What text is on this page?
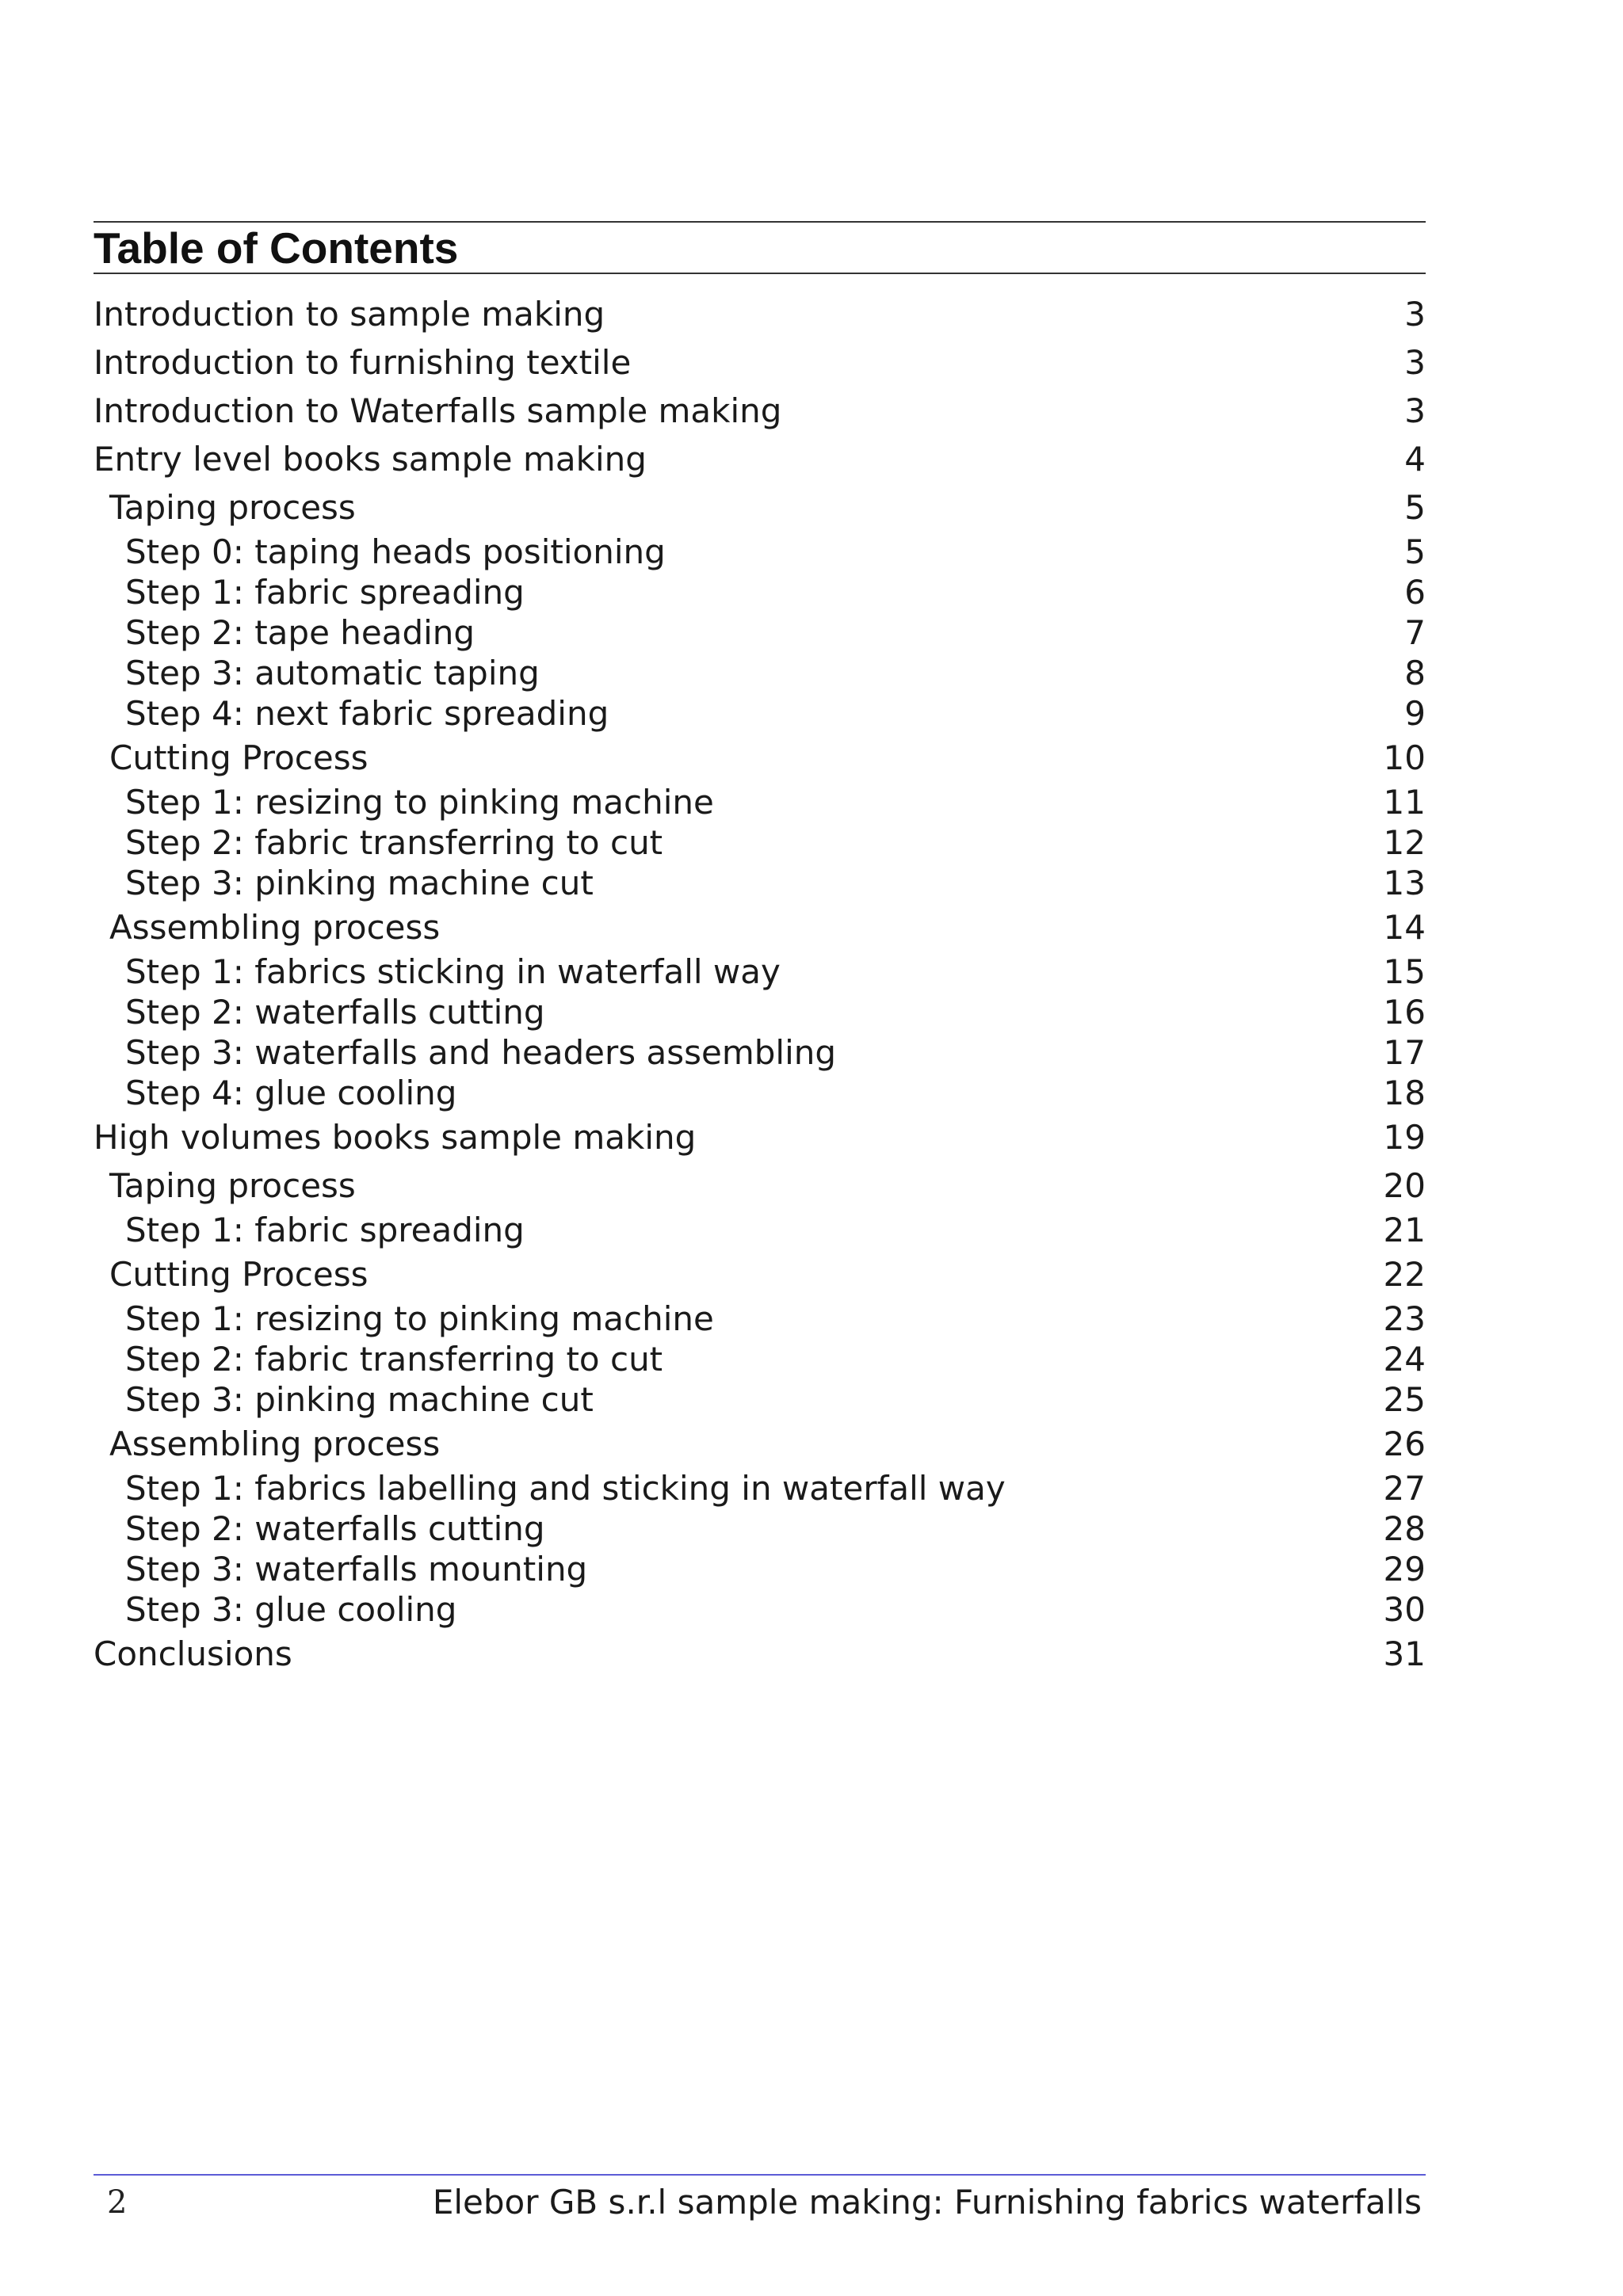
Table of Contents
Introduction to sample making	3
Introduction to furnishing textile	3
Introduction to Waterfalls sample making	3
Entry level books sample making	4
Taping process	5
Step 0: taping heads positioning	5
Step 1: fabric spreading	6
Step 2: tape heading	7
Step 3: automatic taping	8
Step 4: next fabric spreading	9
Cutting Process	10
Step 1: resizing to pinking machine	11
Step 2: fabric transferring to cut	12
Step 3: pinking machine cut	13
Assembling process	14
Step 1: fabrics sticking in waterfall way	15
Step 2: waterfalls cutting	16
Step 3: waterfalls and headers assembling	17
Step 4: glue cooling	18
High volumes books sample making	19
Taping process	20
Step 1: fabric spreading	21
Cutting Process	22
Step 1: resizing to pinking machine	23
Step 2: fabric transferring to cut	24
Step 3: pinking machine cut	25
Assembling process	26
Step 1: fabrics labelling and sticking in waterfall way	27
Step 2: waterfalls cutting	28
Step 3: waterfalls mounting	29
Step 3: glue cooling	30
Conclusions	31
2	Elebor GB s.r.l sample making: Furnishing fabrics waterfalls
